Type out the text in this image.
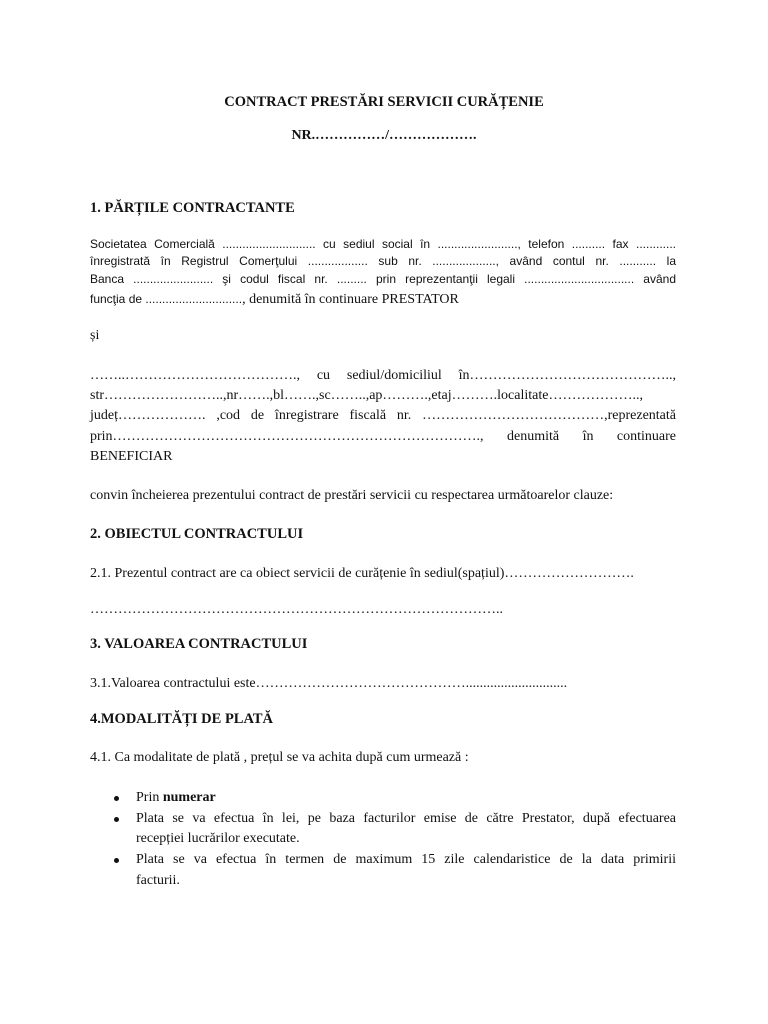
CONTRACT PRESTĂRI SERVICII CURĂȚENIE
NR.……………/……………….
1. PĂRȚILE CONTRACTANTE
Societatea Comercială ............................ cu sediul social în ........................, telefon .......... fax ............
înregistrată în Registrul Comerţului .................. sub nr. ..................., având contul nr. ........... la
Banca ........................ şi codul fiscal nr. ......... prin reprezentanţii legali ................................. având
funcţia de ............................., denumită în continuare PRESTATOR
și
……..………………………………., cu sediul/domiciliul în……………………………………..,
str……………………..,nr…….,bl…….,sc……..,ap……….,etaj……….localitate………………..,
județ………………. ,cod de înregistrare fiscală nr. …………………………………,reprezentată
prin……………………………………………………………………., denumită în continuare
BENEFICIAR
convin încheierea prezentului contract de prestări servicii cu respectarea următoarelor clauze:
2. OBIECTUL CONTRACTULUI
2.1. Prezentul contract are ca obiect servicii de curățenie în sediul(spațiul)……………………….
……………………………………………………………………………..
3. VALOAREA CONTRACTULUI
3.1.Valoarea contractului este……………………………………….............................
4.MODALITĂȚI DE PLATĂ
4.1. Ca modalitate de plată , prețul se va achita după cum urmează :
Prin numerar
Plata se va efectua în lei, pe baza facturilor emise de către Prestator, după efectuarea
recepției lucrărilor executate.
Plata se va efectua în termen de maximum 15 zile calendaristice de la data primirii
facturii.
